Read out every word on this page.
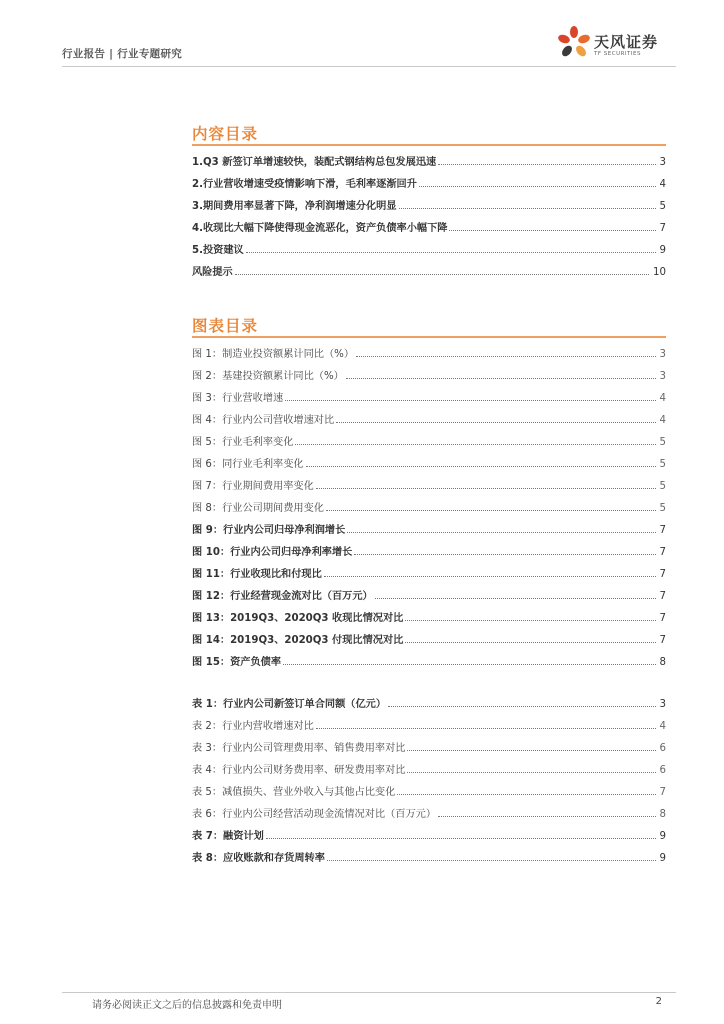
行业报告 | 行业专题研究
天风证券
TF SECURITIES
内容目录
1.Q3 新签订单增速较快，装配式钢结构总包发展迅速	3
2.行业营收增速受疫情影响下滑，毛利率逐渐回升	4
3.期间费用率显著下降，净利润增速分化明显	5
4.收现比大幅下降使得现金流恶化，资产负债率小幅下降	7
5.投资建议	9
风险提示	10
图表目录
图 1：制造业投资额累计同比（%）	3
图 2：基建投资额累计同比（%）	3
图 3：行业营收增速	4
图 4：行业内公司营收增速对比	4
图 5：行业毛利率变化	5
图 6：同行业毛利率变化	5
图 7：行业期间费用率变化	5
图 8：行业公司期间费用变化	5
图 9：行业内公司归母净利润增长	7
图 10：行业内公司归母净利率增长	7
图 11：行业收现比和付现比	7
图 12：行业经营现金流对比（百万元）	7
图 13：2019Q3、2020Q3 收现比情况对比	7
图 14：2019Q3、2020Q3 付现比情况对比	7
图 15：资产负债率	8
表 1：行业内公司新签订单合同额（亿元）	3
表 2：行业内营收增速对比	4
表 3：行业内公司管理费用率、销售费用率对比	6
表 4：行业内公司财务费用率、研发费用率对比	6
表 5：减值损失、营业外收入与其他占比变化	7
表 6：行业内公司经营活动现金流情况对比（百万元）	8
表 7：融资计划	9
表 8：应收账款和存货周转率	9
请务必阅读正文之后的信息披露和免责申明	2
